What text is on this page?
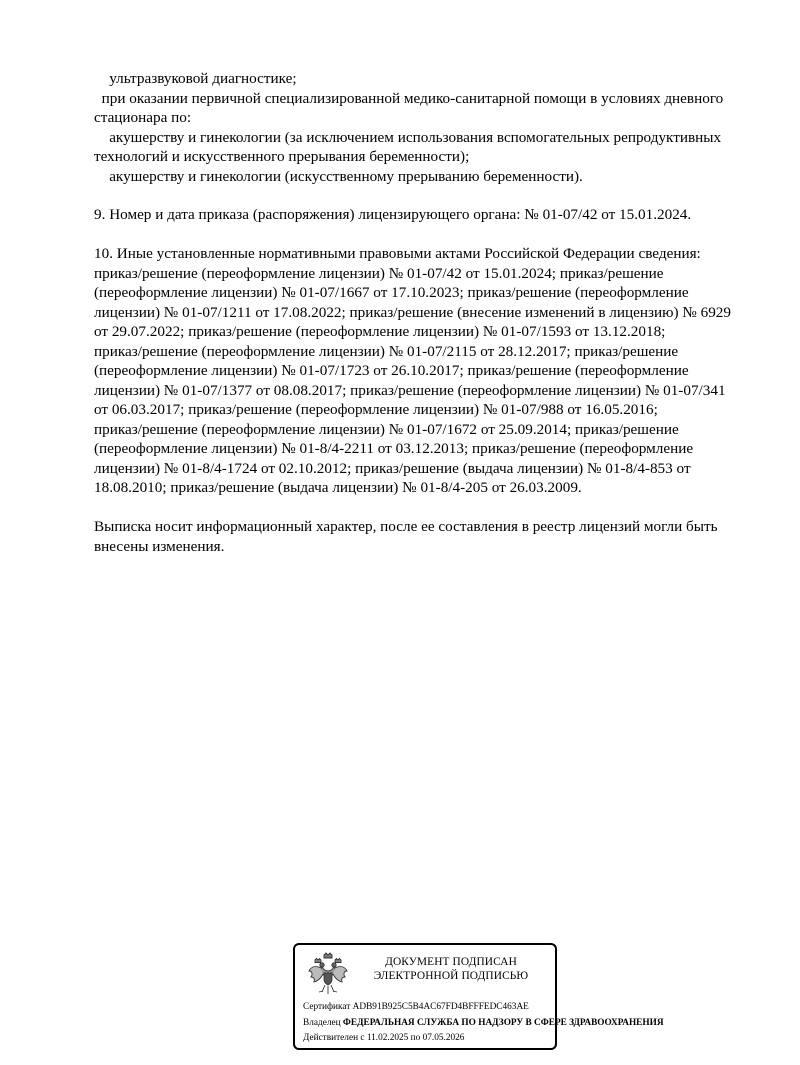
ультразвуковой диагностике;
при оказании первичной специализированной медико-санитарной помощи в условиях дневного
стационара по:
акушерству и гинекологии (за исключением использования вспомогательных репродуктивных
технологий и искусственного прерывания беременности);
акушерству и гинекологии (искусственному прерыванию беременности).
9. Номер и дата приказа (распоряжения) лицензирующего органа: № 01-07/42 от 15.01.2024.
10. Иные установленные нормативными правовыми актами Российской Федерации сведения:
приказ/решение (переоформление лицензии) № 01-07/42 от 15.01.2024; приказ/решение
(переоформление лицензии) № 01-07/1667 от 17.10.2023; приказ/решение (переоформление
лицензии) № 01-07/1211 от 17.08.2022; приказ/решение (внесение изменений в лицензию) № 6929
от 29.07.2022; приказ/решение (переоформление лицензии) № 01-07/1593 от 13.12.2018;
приказ/решение (переоформление лицензии) № 01-07/2115 от 28.12.2017; приказ/решение
(переоформление лицензии) № 01-07/1723 от 26.10.2017; приказ/решение (переоформление
лицензии) № 01-07/1377 от 08.08.2017; приказ/решение (переоформление лицензии) № 01-07/341
от 06.03.2017; приказ/решение (переоформление лицензии) № 01-07/988 от 16.05.2016;
приказ/решение (переоформление лицензии) № 01-07/1672 от 25.09.2014; приказ/решение
(переоформление лицензии) № 01-8/4-2211 от 03.12.2013; приказ/решение (переоформление
лицензии) № 01-8/4-1724 от 02.10.2012; приказ/решение (выдача лицензии) № 01-8/4-853 от
18.08.2010; приказ/решение (выдача лицензии) № 01-8/4-205 от 26.03.2009.
Выписка носит информационный характер, после ее составления в реестр лицензий могли быть
внесены изменения.
ДОКУМЕНТ ПОДПИСАН
ЭЛЕКТРОННОЙ ПОДПИСЬЮ
Сертификат ADB91B925C5B4AC67FD4BFFFEDC463AE
Владелец ФЕДЕРАЛЬНАЯ СЛУЖБА ПО НАДЗОРУ В СФЕРЕ ЗДРАВООХРАНЕНИЯ
Действителен с 11.02.2025 по 07.05.2026
